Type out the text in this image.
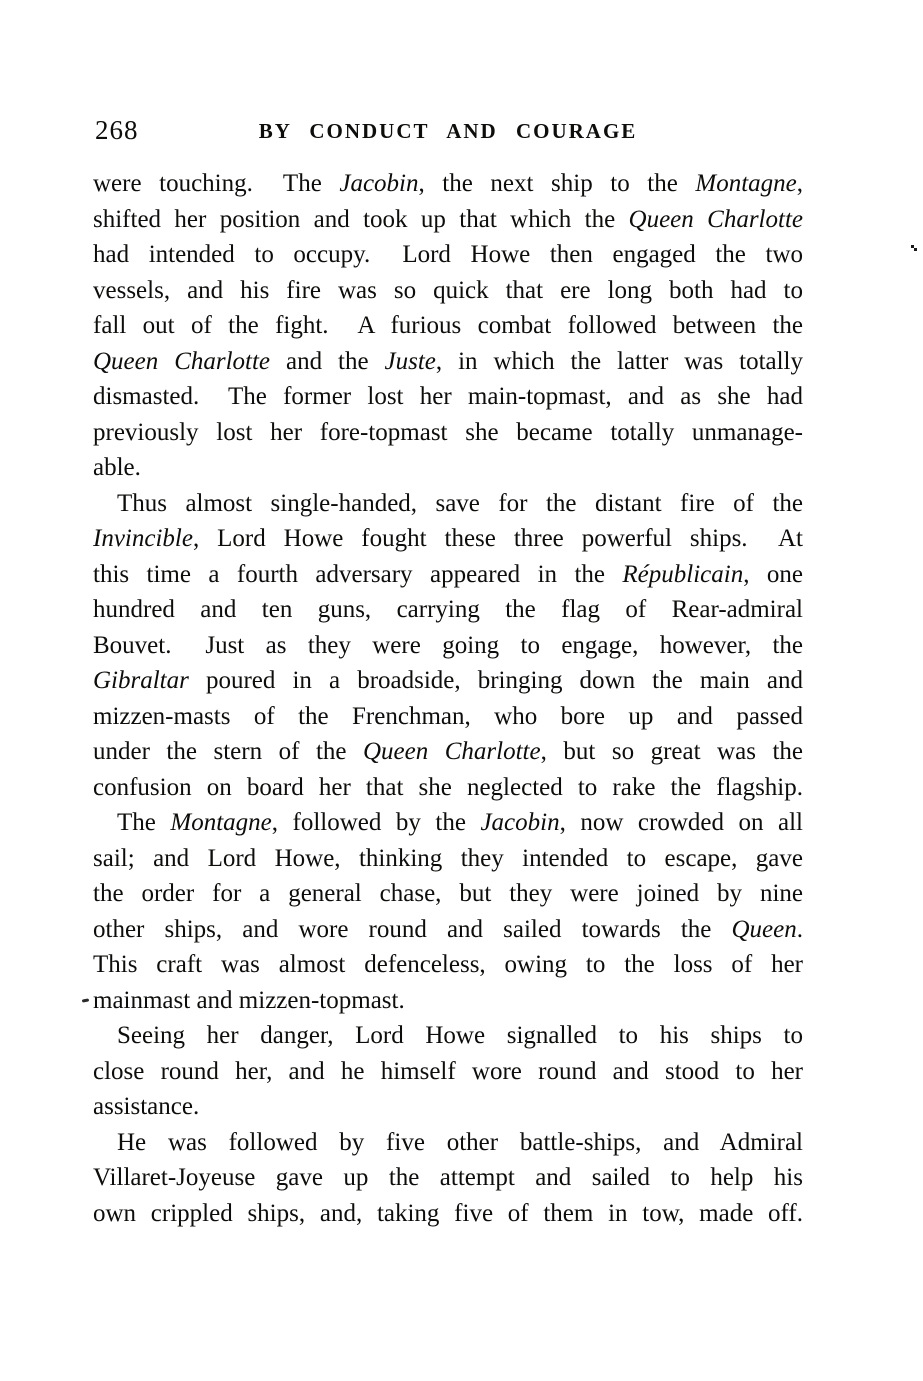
268	BY CONDUCT AND COURAGE
were touching.  The Jacobin, the next ship to the Montagne,
shifted her position and took up that which the Queen Charlotte
had intended to occupy.  Lord Howe then engaged the two
vessels, and his fire was so quick that ere long both had to
fall out of the fight.  A furious combat followed between the
Queen Charlotte and the Juste, in which the latter was totally
dismasted.  The former lost her main-topmast, and as she had
previously lost her fore-topmast she became totally unmanage-
able.
Thus almost single-handed, save for the distant fire of the
Invincible, Lord Howe fought these three powerful ships.  At
this time a fourth adversary appeared in the Républicain, one
hundred and ten guns, carrying the flag of Rear-admiral
Bouvet.  Just as they were going to engage, however, the
Gibraltar poured in a broadside, bringing down the main and
mizzen-masts of the Frenchman, who bore up and passed
under the stern of the Queen Charlotte, but so great was the
confusion on board her that she neglected to rake the flagship.
The Montagne, followed by the Jacobin, now crowded on all
sail; and Lord Howe, thinking they intended to escape, gave
the order for a general chase, but they were joined by nine
other ships, and wore round and sailed towards the Queen.
This craft was almost defenceless, owing to the loss of her
mainmast and mizzen-topmast.
Seeing her danger, Lord Howe signalled to his ships to
close round her, and he himself wore round and stood to her
assistance.
He was followed by five other battle-ships, and Admiral
Villaret-Joyeuse gave up the attempt and sailed to help his
own crippled ships, and, taking five of them in tow, made off.
